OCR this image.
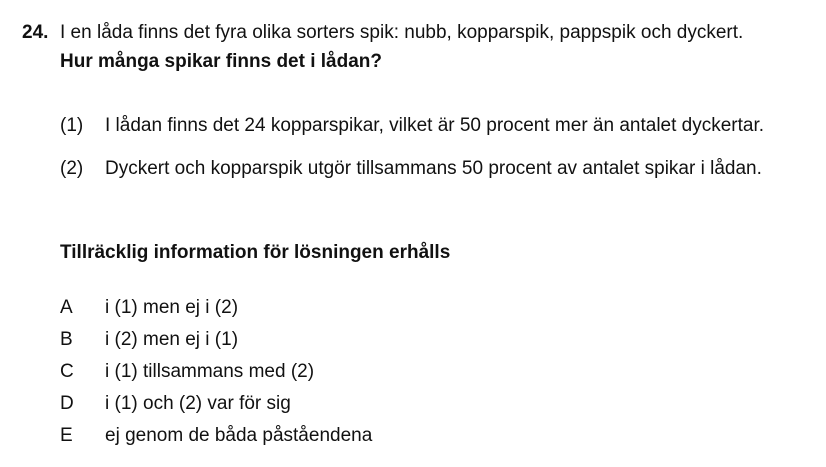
24. I en låda finns det fyra olika sorters spik: nubb, kopparspik, pappspik och dyckert.
Hur många spikar finns det i lådan?
(1) I lådan finns det 24 kopparspikar, vilket är 50 procent mer än antalet dyckertar.
(2) Dyckert och kopparspik utgör tillsammans 50 procent av antalet spikar i lådan.
Tillräcklig information för lösningen erhålls
A i (1) men ej i (2)
B i (2) men ej i (1)
C i (1) tillsammans med (2)
D i (1) och (2) var för sig
E ej genom de båda påståendena
